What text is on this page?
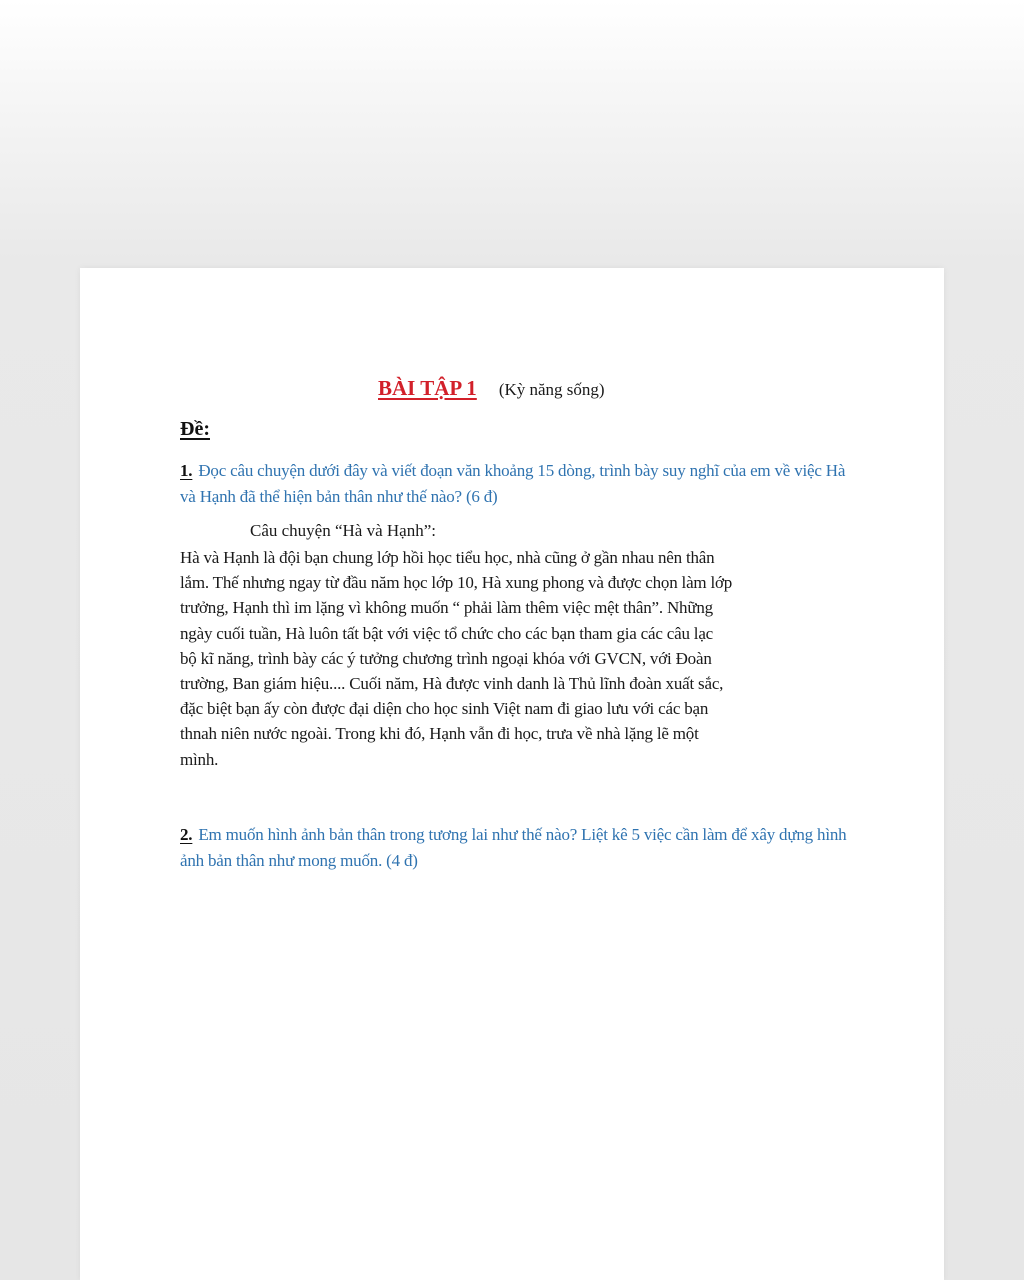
BÀI TẬP 1 (Kỳ năng sống)
Đề:
1. Đọc câu chuyện dưới đây và viết đoạn văn khoảng 15 dòng, trình bày suy nghĩ của em về việc Hà và Hạnh đã thể hiện bản thân như thế nào? (6 đ)
Câu chuyện “Hà và Hạnh”:
Hà và Hạnh là đội bạn chung lớp hồi học tiểu học, nhà cũng ở gần nhau nên thân
lắm. Thế nhưng ngay từ đầu năm học lớp 10, Hà xung phong và được chọn làm lớp
trưởng, Hạnh thì im lặng vì không muốn “ phải làm thêm việc mệt thân”. Những
ngày cuối tuần, Hà luôn tất bật với việc tổ chức cho các bạn tham gia các câu lạc
bộ kĩ năng, trình bày các ý tưởng chương trình ngoại khóa với GVCN, với Đoàn
trường, Ban giám hiệu.... Cuối năm, Hà được vinh danh là Thủ lĩnh đoàn xuất sắc,
đặc biệt bạn ấy còn được đại diện cho học sinh Việt nam đi giao lưu với các bạn
thnah niên nước ngoài. Trong khi đó, Hạnh vẫn đi học, trưa về nhà lặng lẽ một
mình.
2. Em muốn hình ảnh bản thân trong tương lai như thế nào? Liệt kê 5 việc cần làm để xây dựng hình ảnh bản thân như mong muốn. (4 đ)
